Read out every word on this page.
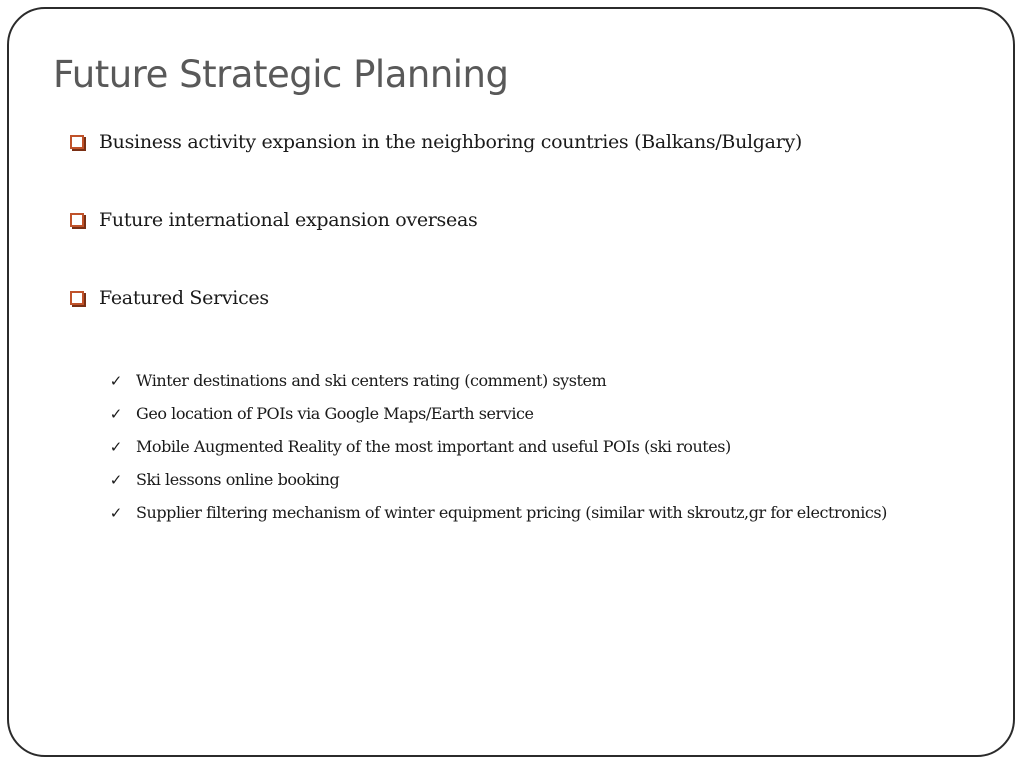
Future Strategic Planning
Business activity expansion in the neighboring countries (Balkans/Bulgary)
Future international expansion overseas
Featured Services
✓ Winter destinations and ski centers rating (comment) system
✓ Geo location of POIs via Google Maps/Earth service
✓ Mobile Augmented Reality of the most important and useful POIs (ski routes)
✓ Ski lessons online booking
✓ Supplier filtering mechanism of winter equipment pricing (similar with skroutz,gr for electronics)
